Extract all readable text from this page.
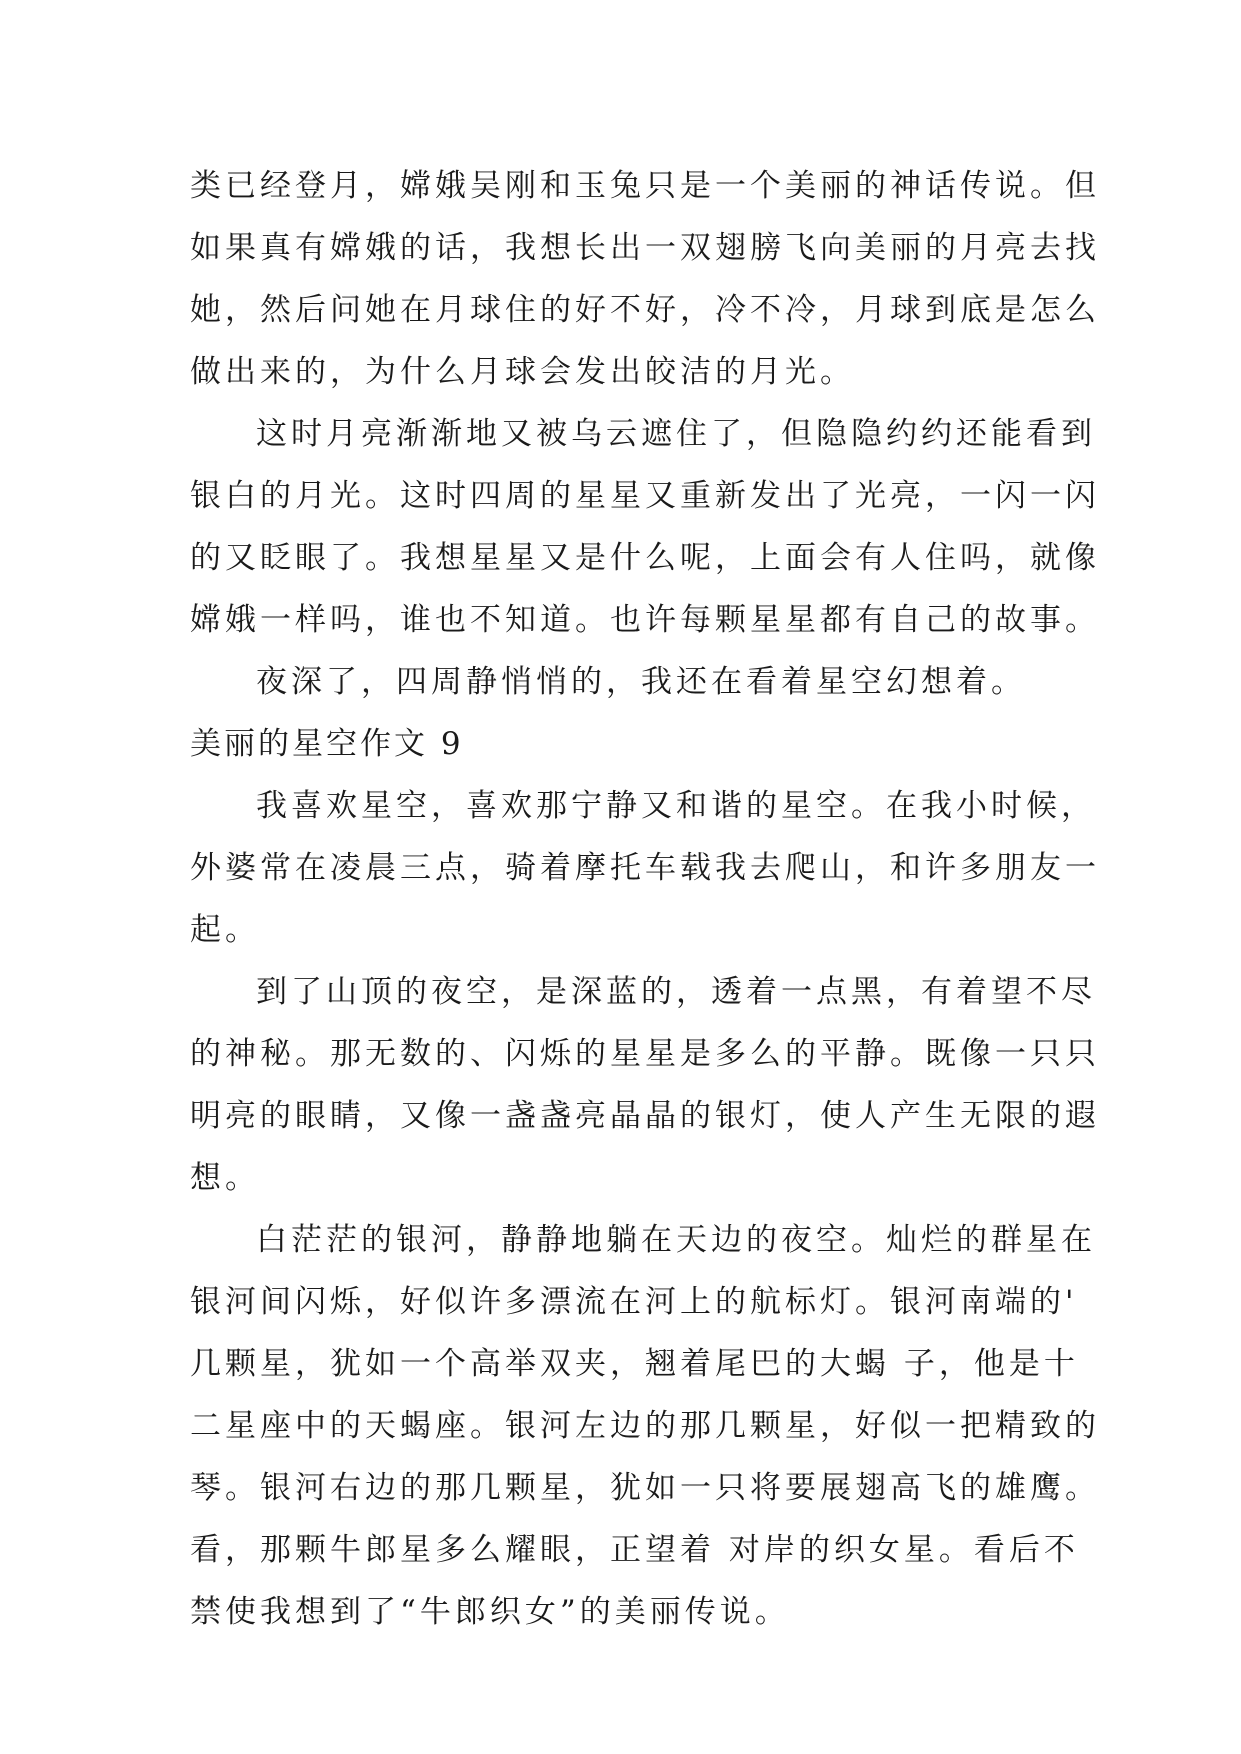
类已经登月，嫦娥吴刚和玉兔只是一个美丽的神话传说。但
如果真有嫦娥的话，我想长出一双翅膀飞向美丽的月亮去找
她，然后问她在月球住的好不好，冷不冷，月球到底是怎么
做出来的，为什么月球会发出皎洁的月光。
这时月亮渐渐地又被乌云遮住了，但隐隐约约还能看到
银白的月光。这时四周的星星又重新发出了光亮，一闪一闪
的又眨眼了。我想星星又是什么呢，上面会有人住吗，就像
嫦娥一样吗，谁也不知道。也许每颗星星都有自己的故事。
夜深了，四周静悄悄的，我还在看着星空幻想着。
美丽的星空作文 9
我喜欢星空，喜欢那宁静又和谐的星空。在我小时候，
外婆常在凌晨三点，骑着摩托车载我去爬山，和许多朋友一
起。
到了山顶的夜空，是深蓝的，透着一点黑，有着望不尽
的神秘。那无数的、闪烁的星星是多么的平静。既像一只只
明亮的眼睛，又像一盏盏亮晶晶的银灯，使人产生无限的遐
想。
白茫茫的银河，静静地躺在天边的夜空。灿烂的群星在
银河间闪烁，好似许多漂流在河上的航标灯。银河南端的'
几颗星，犹如一个高举双夹，翘着尾巴的大蝎 子，他是十
二星座中的天蝎座。银河左边的那几颗星，好似一把精致的
琴。银河右边的那几颗星，犹如一只将要展翅高飞的雄鹰。
看，那颗牛郎星多么耀眼，正望着 对岸的织女星。看后不
禁使我想到了“牛郎织女”的美丽传说。
